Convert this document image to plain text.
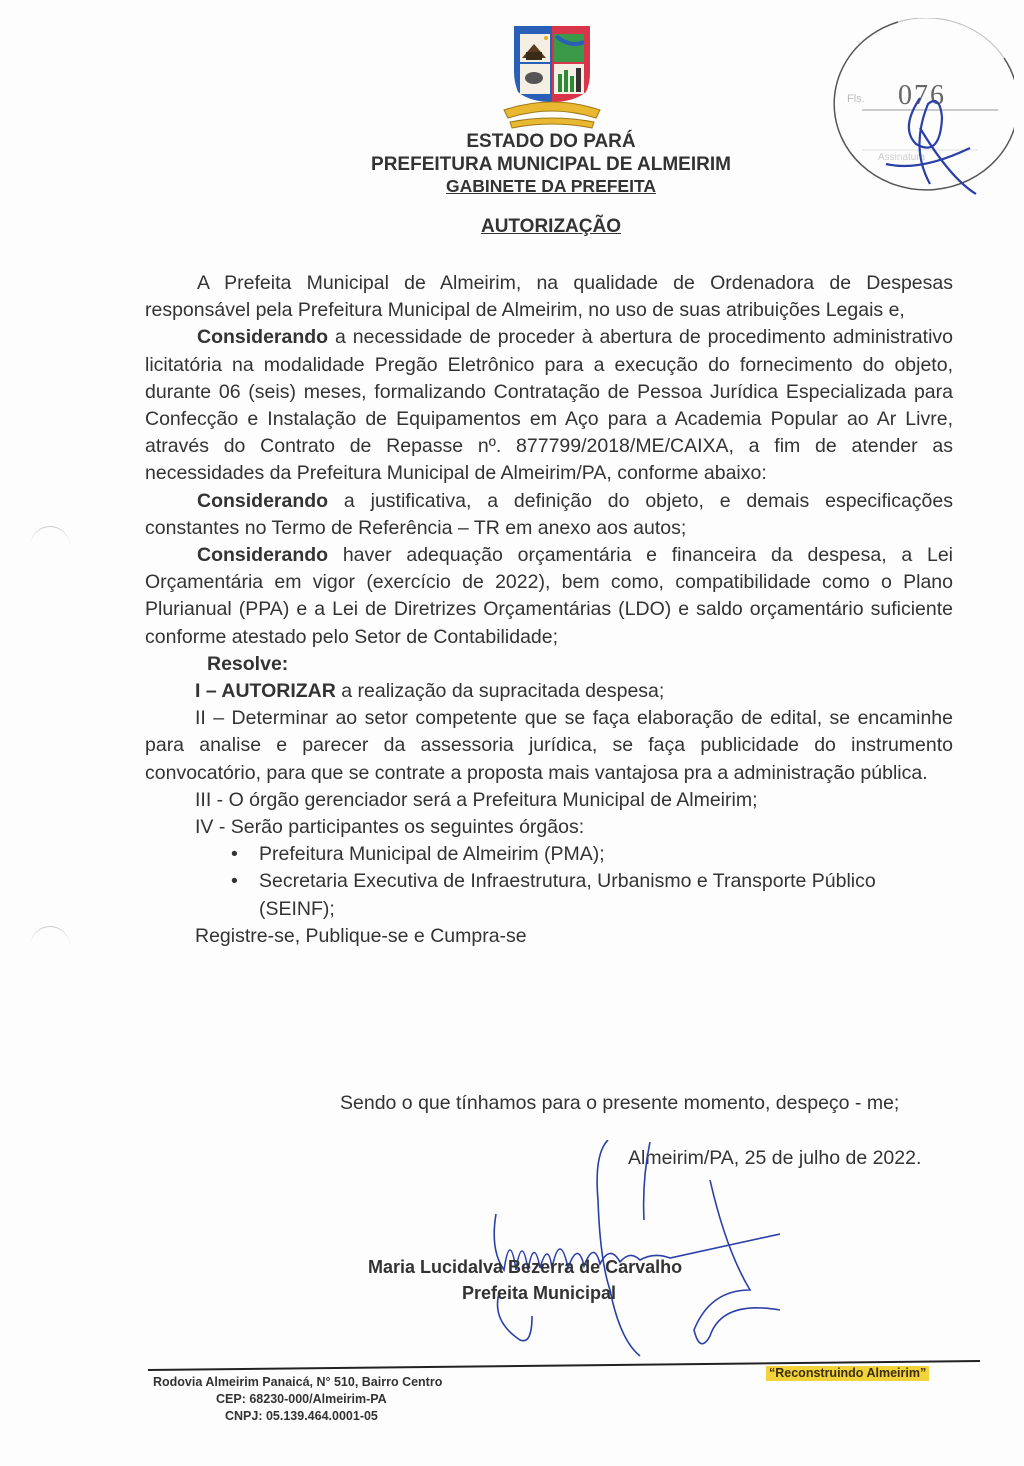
Fls. 076
Assinatura
ESTADO DO PARÁ
PREFEITURA MUNICIPAL DE ALMEIRIM
GABINETE DA PREFEITA
AUTORIZAÇÃO

A Prefeita Municipal de Almeirim, na qualidade de Ordenadora de Despesas responsável pela Prefeitura Municipal de Almeirim, no uso de suas atribuições Legais e,

Considerando a necessidade de proceder à abertura de procedimento administrativo licitatória na modalidade Pregão Eletrônico para a execução do fornecimento do objeto, durante 06 (seis) meses, formalizando Contratação de Pessoa Jurídica Especializada para Confecção e Instalação de Equipamentos em Aço para a Academia Popular ao Ar Livre, através do Contrato de Repasse nº. 877799/2018/ME/CAIXA, a fim de atender as necessidades da Prefeitura Municipal de Almeirim/PA, conforme abaixo:

Considerando a justificativa, a definição do objeto, e demais especificações constantes no Termo de Referência – TR em anexo aos autos;

Considerando haver adequação orçamentária e financeira da despesa, a Lei Orçamentária em vigor (exercício de 2022), bem como, compatibilidade como o Plano Plurianual (PPA) e a Lei de Diretrizes Orçamentárias (LDO) e saldo orçamentário suficiente conforme atestado pelo Setor de Contabilidade;

Resolve:

I – AUTORIZAR a realização da supracitada despesa;

II – Determinar ao setor competente que se faça elaboração de edital, se encaminhe para analise e parecer da assessoria jurídica, se faça publicidade do instrumento convocatório, para que se contrate a proposta mais vantajosa pra a administração pública.

III - O órgão gerenciador será a Prefeitura Municipal de Almeirim;

IV - Serão participantes os seguintes órgãos:

• Prefeitura Municipal de Almeirim (PMA);
• Secretaria Executiva de Infraestrutura, Urbanismo e Transporte Público (SEINF);

Registre-se, Publique-se e Cumpra-se

Sendo o que tínhamos para o presente momento, despeço - me;
Almeirim/PA, 25 de julho de 2022.
Maria Lucidalva Bezerra de Carvalho
Prefeita Municipal
Rodovia Almeirim Panaicá, N° 510, Bairro Centro
CEP: 68230-000/Almeirim-PA
CNPJ: 05.139.464.0001-05
“Reconstruindo Almeirim”
